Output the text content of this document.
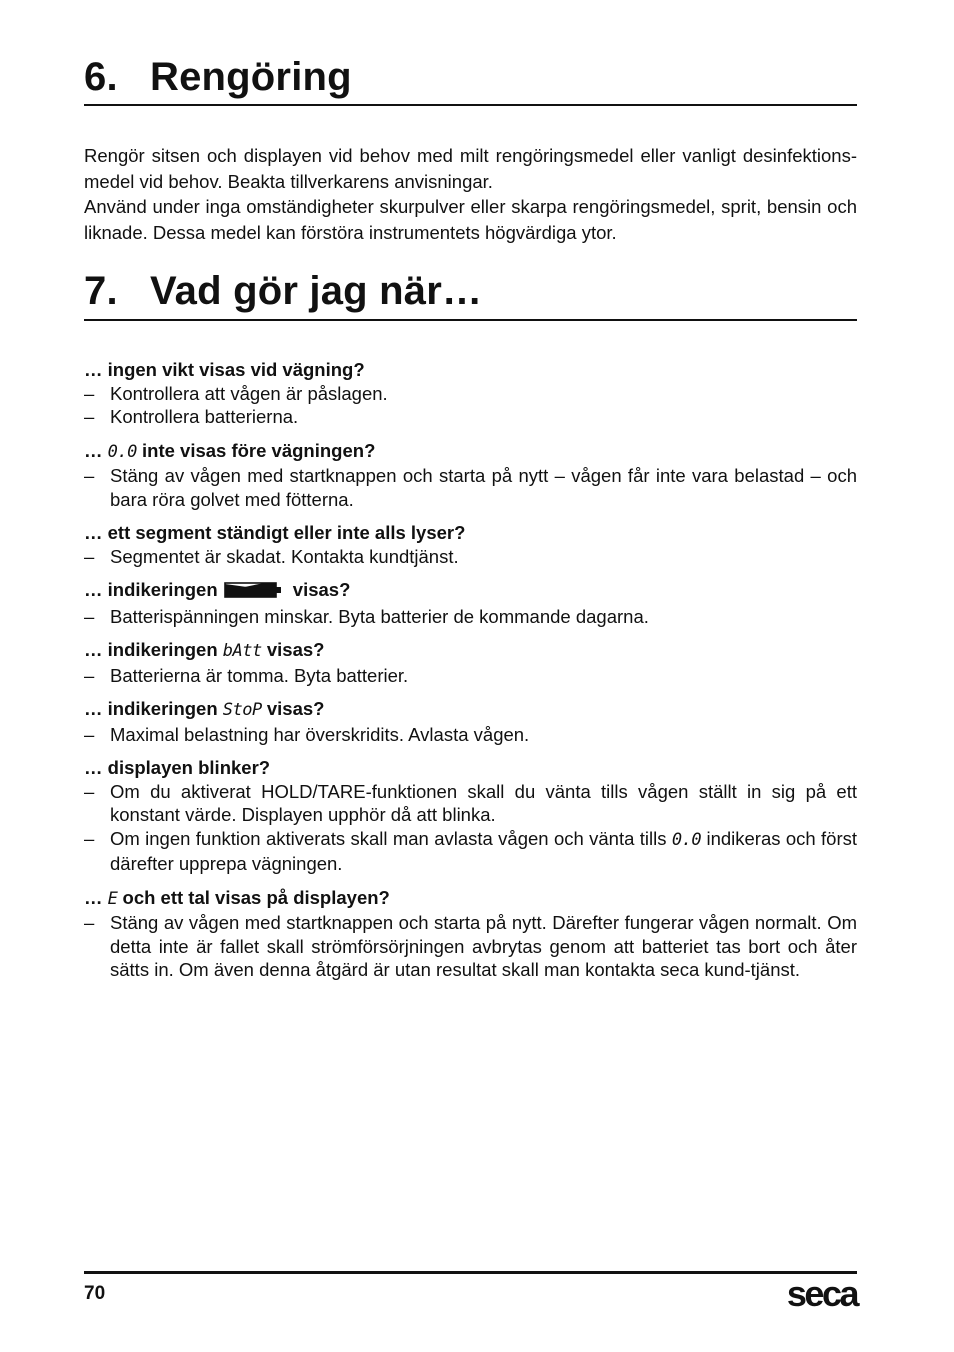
6. Rengöring

Rengör sitsen och displayen vid behov med milt rengöringsmedel eller vanligt desinfektions-medel vid behov. Beakta tillverkarens anvisningar.

Använd under inga omständigheter skurpulver eller skarpa rengöringsmedel, sprit, bensin och liknade. Dessa medel kan förstöra instrumentets högvärdiga ytor.

7. Vad gör jag när…

… ingen vikt visas vid vägning?

– Kontrollera att vågen är påslagen.

– Kontrollera batterierna.

… 0.0 inte visas före vägningen?

– Stäng av vågen med startknappen och starta på nytt – vågen får inte vara belastad – och bara röra golvet med fötterna.

… ett segment ständigt eller inte alls lyser?

– Segmentet är skadat. Kontakta kundtjänst.

… indikeringen	visas?

– Batterispänningen minskar. Byta batterier de kommande dagarna.

… indikeringen bAtt visas?

– Batterierna är tomma. Byta batterier.

… indikeringen StoP visas?

– Maximal belastning har överskridits. Avlasta vågen.

… displayen blinker?

– Om du aktiverat HOLD/TARE-funktionen skall du vänta tills vågen ställt in sig på ett konstant värde. Displayen upphör då att blinka.

– Om ingen funktion aktiverats skall man avlasta vågen och vänta tills 0.0 indikeras och först därefter upprepa vägningen.

… E och ett tal visas på displayen?

– Stäng av vågen med startknappen och starta på nytt. Därefter fungerar vågen normalt. Om detta inte är fallet skall strömförsörjningen avbrytas genom att batteriet tas bort och åter sätts in. Om även denna åtgärd är utan resultat skall man kontakta seca kund-tjänst.

70	seca
